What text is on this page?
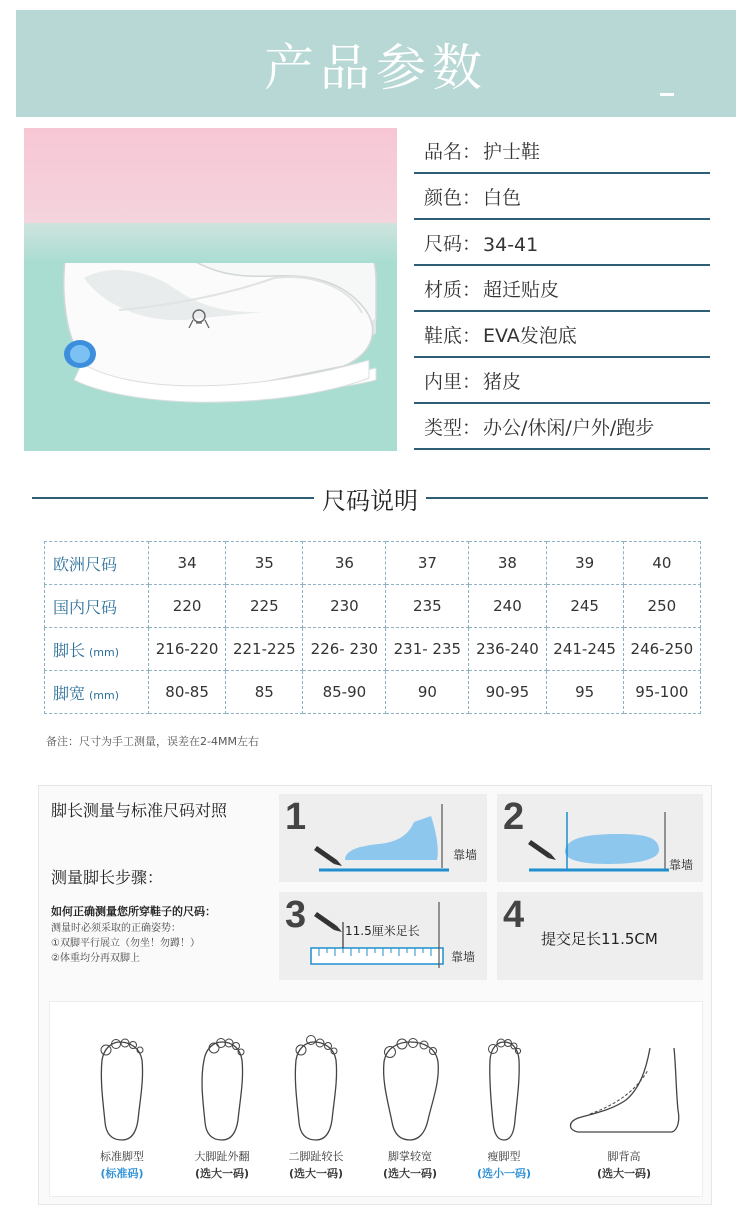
产品参数
品名： 护士鞋
颜色： 白色
尺码： 34-41
材质： 超迁贴皮
鞋底： EVA发泡底
内里： 猪皮
类型： 办公/休闲/户外/跑步
尺码说明
欧洲尺码	34	35	36	37	38	39	40
国内尺码	220	225	230	235	240	245	250
脚长 (mm)	216-220	221-225	226- 230	231- 235	236-240	241-245	246-250
脚宽 (mm)	80-85	85	85-90	90	90-95	95	95-100
备注：尺寸为手工测量，误差在2-4MM左右
脚长测量与标准尺码对照
测量脚长步骤：
如何正确测量您所穿鞋子的尺码：
测量时必须采取的正确姿势：
①双脚平行展立（勿坐！勿蹲！）
②体重均分再双脚上
1
靠墙
2
靠墙
3	11.5厘米足长
靠墙
4
提交足长11.5CM
标准脚型
(标准码)
大脚趾外翻
(选大一码)
二脚趾较长
(选大一码)
脚掌较宽
(选大一码)
瘦脚型
(选小一码)
脚背高
(选大一码)
